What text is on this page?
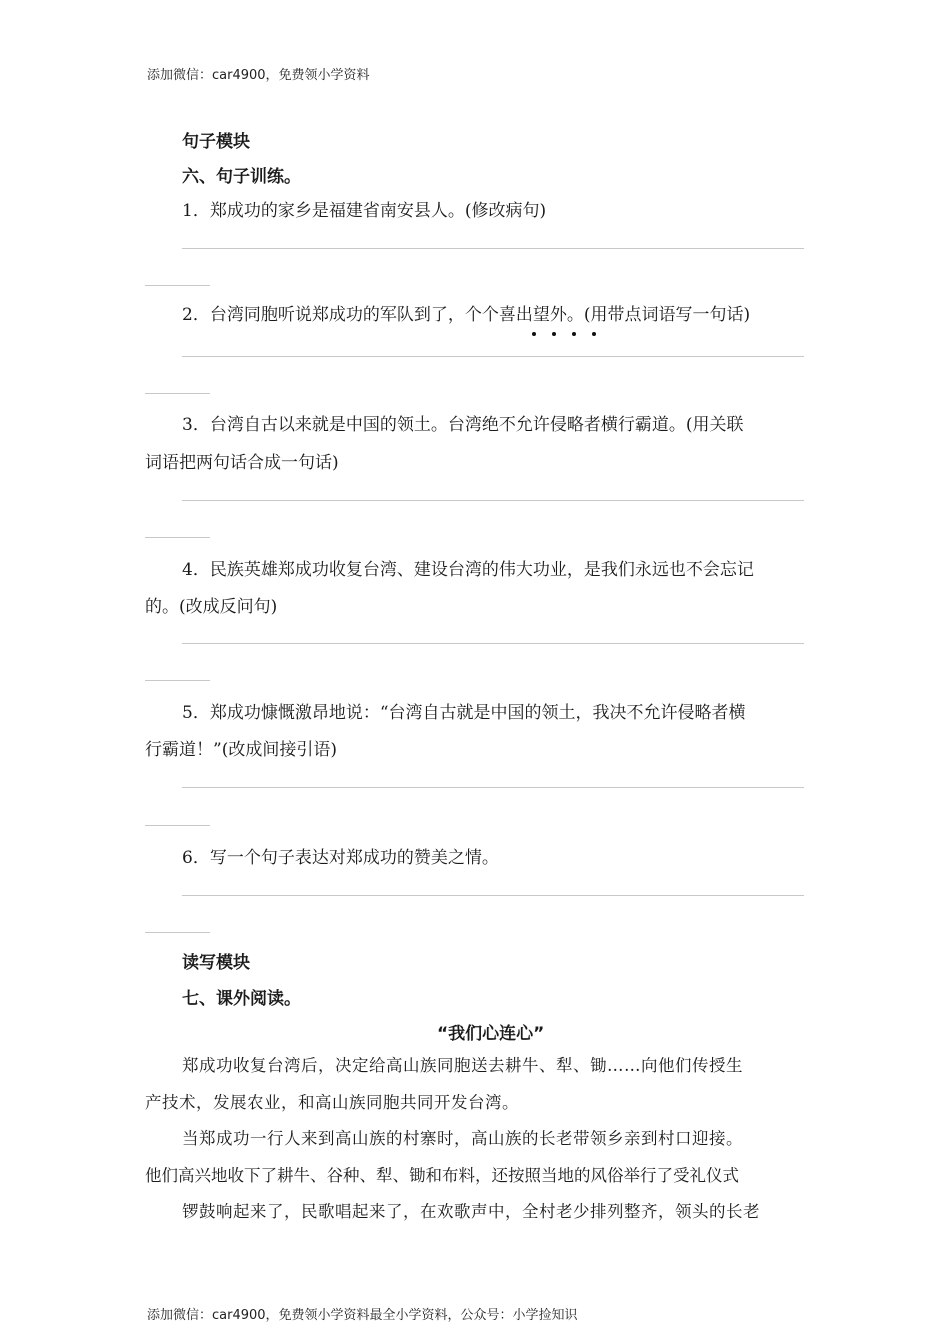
添加微信：car4900，免费领小学资料
句子模块
六、句子训练。
1．郑成功的家乡是福建省南安县人。(修改病句)
2．台湾同胞听说郑成功的军队到了，个个喜出望外。(用带点词语写一句话)
3．台湾自古以来就是中国的领土。台湾绝不允许侵略者横行霸道。(用关联
词语把两句话合成一句话)
4．民族英雄郑成功收复台湾、建设台湾的伟大功业，是我们永远也不会忘记
的。(改成反问句)
5．郑成功慷慨激昂地说：“台湾自古就是中国的领土，我决不允许侵略者横
行霸道！”(改成间接引语)
6．写一个句子表达对郑成功的赞美之情。
读写模块
七、课外阅读。
“我们心连心”
郑成功收复台湾后，决定给高山族同胞送去耕牛、犁、锄……向他们传授生
产技术，发展农业，和高山族同胞共同开发台湾。
当郑成功一行人来到高山族的村寨时，高山族的长老带领乡亲到村口迎接。
他们高兴地收下了耕牛、谷种、犁、锄和布料，还按照当地的风俗举行了受礼仪式
锣鼓响起来了，民歌唱起来了，在欢歌声中，全村老少排列整齐，领头的长老
添加微信：car4900，免费领小学资料最全小学资料，公众号：小学捡知识
